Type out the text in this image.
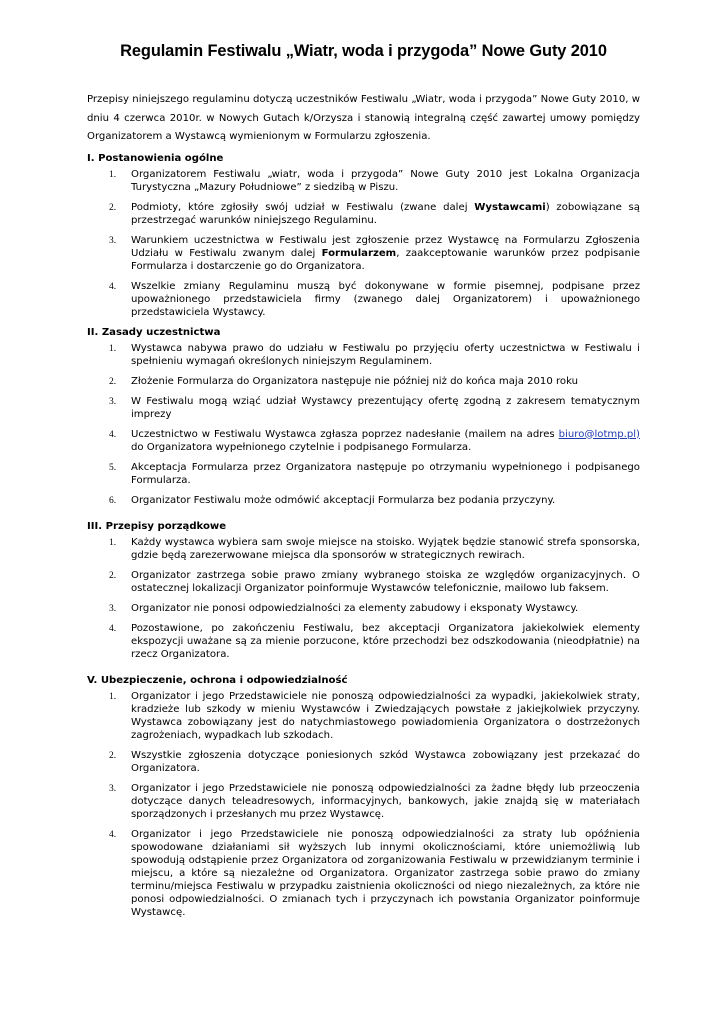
Regulamin Festiwalu „Wiatr, woda i przygoda” Nowe Guty 2010

Przepisy niniejszego regulaminu dotyczą uczestników Festiwalu „Wiatr, woda i przygoda” Nowe Guty 2010, w dniu 4 czerwca 2010r. w Nowych Gutach k/Orzysza i stanowią integralną część zawartej umowy pomiędzy Organizatorem a Wystawcą wymienionym w Formularzu zgłoszenia.

I. Postanowienia ogólne
1. Organizatorem Festiwalu „wiatr, woda i przygoda” Nowe Guty 2010 jest Lokalna Organizacja Turystyczna „Mazury Południowe” z siedzibą w Piszu.
2. Podmioty, które zgłosiły swój udział w Festiwalu (zwane dalej Wystawcami) zobowiązane są przestrzegać warunków niniejszego Regulaminu.
3. Warunkiem uczestnictwa w Festiwalu jest zgłoszenie przez Wystawcę na Formularzu Zgłoszenia Udziału w Festiwalu zwanym dalej Formularzem, zaakceptowanie warunków przez podpisanie Formularza i dostarczenie go do Organizatora.
4. Wszelkie zmiany Regulaminu muszą być dokonywane w formie pisemnej, podpisane przez upoważnionego przedstawiciela firmy (zwanego dalej Organizatorem) i upoważnionego przedstawiciela Wystawcy.
II. Zasady uczestnictwa
1. Wystawca nabywa prawo do udziału w Festiwalu po przyjęciu oferty uczestnictwa w Festiwalu i spełnieniu wymagań określonych niniejszym Regulaminem.
2. Złożenie Formularza do Organizatora następuje nie później niż do końca maja 2010 roku
3. W Festiwalu mogą wziąć udział Wystawcy prezentujący ofertę zgodną z zakresem tematycznym imprezy
4. Uczestnictwo w Festiwalu Wystawca zgłasza poprzez nadesłanie (mailem na adres biuro@lotmp.pl) do Organizatora wypełnionego czytelnie i podpisanego Formularza.
5. Akceptacja Formularza przez Organizatora następuje po otrzymaniu wypełnionego i podpisanego Formularza.
6. Organizator Festiwalu może odmówić akceptacji Formularza bez podania przyczyny.
III. Przepisy porządkowe
1. Każdy wystawca wybiera sam swoje miejsce na stoisko. Wyjątek będzie stanowić strefa sponsorska, gdzie będą zarezerwowane miejsca dla sponsorów w strategicznych rewirach.
2. Organizator zastrzega sobie prawo zmiany wybranego stoiska ze względów organizacyjnych. O ostatecznej lokalizacji Organizator poinformuje Wystawców telefonicznie, mailowo lub faksem.
3. Organizator nie ponosi odpowiedzialności za elementy zabudowy i eksponaty Wystawcy.
4. Pozostawione, po zakończeniu Festiwalu, bez akceptacji Organizatora jakiekolwiek elementy ekspozycji uważane są za mienie porzucone, które przechodzi bez odszkodowania (nieodpłatnie) na rzecz Organizatora.
V. Ubezpieczenie, ochrona i odpowiedzialność
1. Organizator i jego Przedstawiciele nie ponoszą odpowiedzialności za wypadki, jakiekolwiek straty, kradzieże lub szkody w mieniu Wystawców i Zwiedzających powstałe z jakiejkolwiek przyczyny. Wystawca zobowiązany jest do natychmiastowego powiadomienia Organizatora o dostrzeżonych zagrożeniach, wypadkach lub szkodach.
2. Wszystkie zgłoszenia dotyczące poniesionych szkód Wystawca zobowiązany jest przekazać do Organizatora.
3. Organizator i jego Przedstawiciele nie ponoszą odpowiedzialności za żadne błędy lub przeoczenia dotyczące danych teleadresowych, informacyjnych, bankowych, jakie znajdą się w materiałach sporządzonych i przesłanych mu przez Wystawcę.
4. Organizator i jego Przedstawiciele nie ponoszą odpowiedzialności za straty lub opóźnienia spowodowane działaniami sił wyższych lub innymi okolicznościami, które uniemożliwią lub spowodują odstąpienie przez Organizatora od zorganizowania Festiwalu w przewidzianym terminie i miejscu, a które są niezależne od Organizatora. Organizator zastrzega sobie prawo do zmiany terminu/miejsca Festiwalu w przypadku zaistnienia okoliczności od niego niezależnych, za które nie ponosi odpowiedzialności. O zmianach tych i przyczynach ich powstania Organizator poinformuje Wystawcę.
